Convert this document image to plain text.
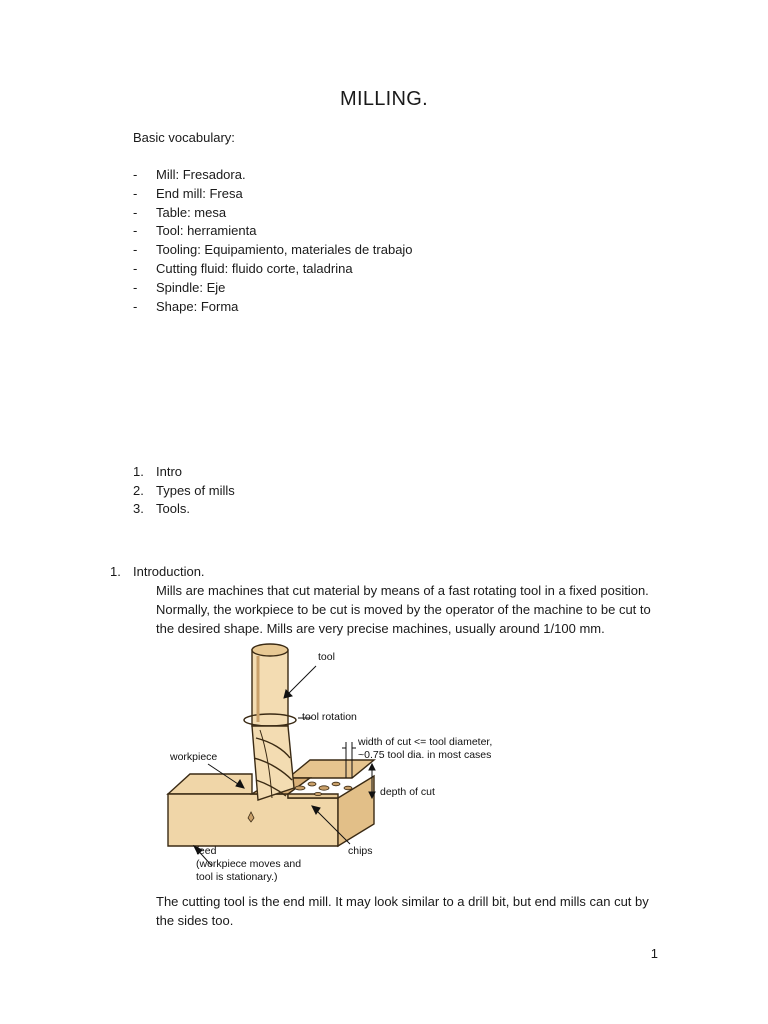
MILLING.
Basic vocabulary:
- Mill: Fresadora.
- End mill: Fresa
- Table: mesa
- Tool: herramienta
- Tooling: Equipamiento, materiales de trabajo
- Cutting fluid: fluido corte, taladrina
- Spindle: Eje
- Shape: Forma
1. Intro
2. Types of mills
3. Tools.
1. Introduction.
Mills are machines that cut material by means of a fast rotating tool in a fixed position. Normally, the workpiece to be cut is moved by the operator of the machine to be cut to the desired shape. Mills are very precise machines, usually around 1/100 mm.
tool
tool rotation
width of cut <= tool diameter,
~0.75 tool dia. in most cases
workpiece
depth of cut
chips
feed
(workpiece moves and
tool is stationary.)
The cutting tool is the end mill. It may look similar to a drill bit, but end mills can cut by the sides too.
1
